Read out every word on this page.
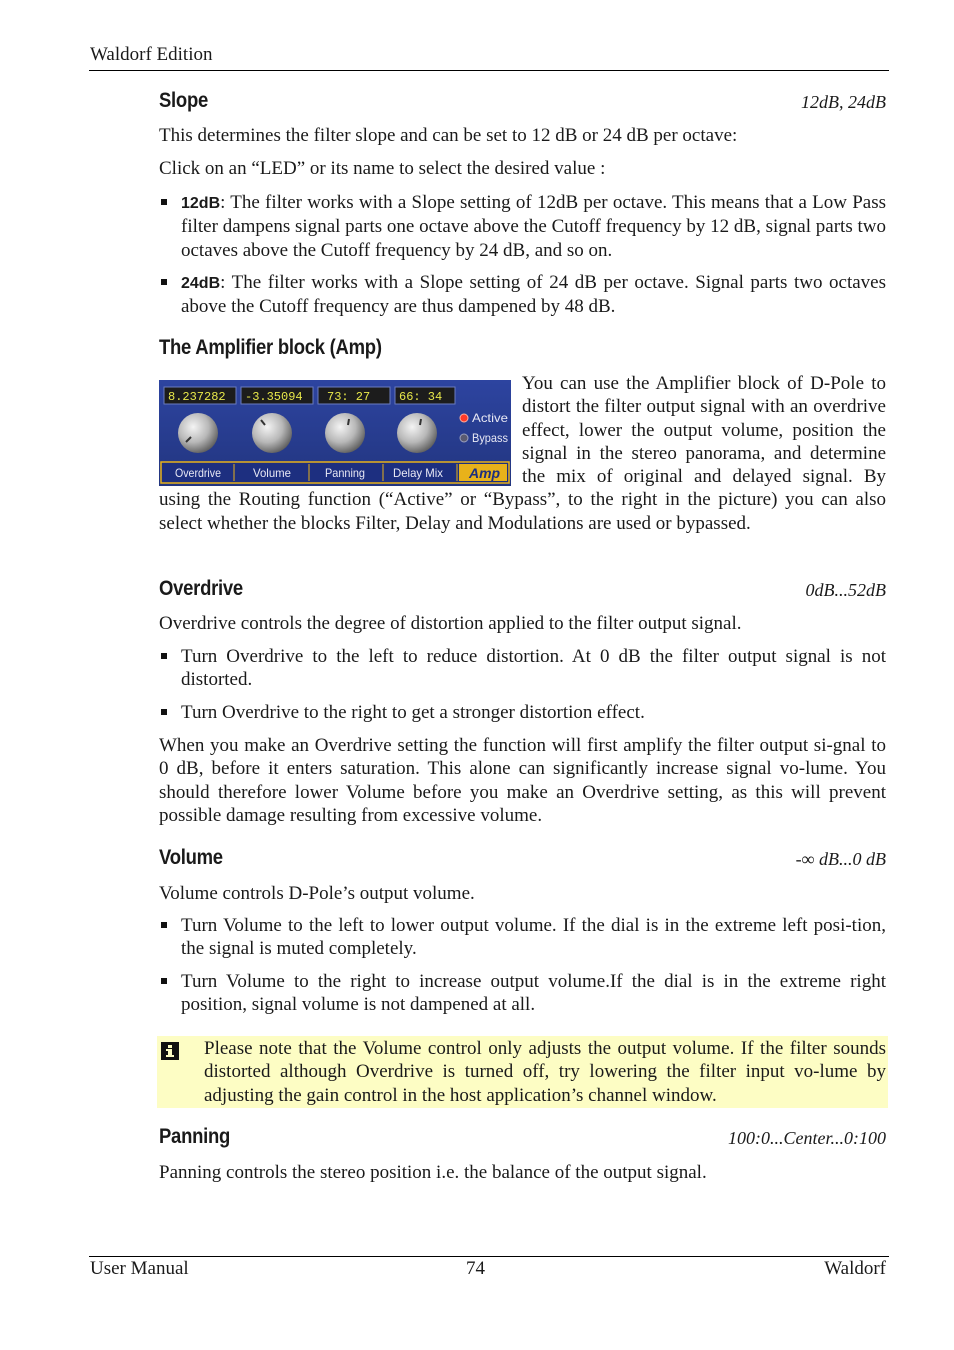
Waldorf Edition
Slope	12dB, 24dB
This determines the filter slope and can be set to 12 dB or 24 dB per octave:
Click on an “LED” or its name to select the desired value :
12dB: The filter works with a Slope setting of 12dB per octave. This means that a Low Pass filter dampens signal parts one octave above the Cutoff frequency by 12 dB, signal parts two octaves above the Cutoff frequency by 24 dB, and so on.
24dB: The filter works with a Slope setting of 24 dB per octave. Signal parts two octaves above the Cutoff frequency are thus dampened by 48 dB.
The Amplifier block (Amp)
8.237282 -3.35094 73: 27 66: 34
Active
Bypass
Overdrive	Volume	Panning Delay Mix Amp
You can use the Amplifier block of D-Pole to distort the filter output signal with an overdrive effect, lower the output volume, position the signal in the stereo panorama, and determine the mix of original and delayed signal. By using the Routing function (“Active” or “Bypass”, to the right in the picture) you can also select whether the blocks Filter, Delay and Modulations are used or bypassed.
Overdrive	0dB...52dB
Overdrive controls the degree of distortion applied to the filter output signal.
Turn Overdrive to the left to reduce distortion. At 0 dB the filter output signal is not distorted.
Turn Overdrive to the right to get a stronger distortion effect.
When you make an Overdrive setting the function will first amplify the filter output si-gnal to 0 dB, before it enters saturation. This alone can significantly increase signal vo-lume. You should therefore lower Volume before you make an Overdrive setting, as this will prevent possible damage resulting from excessive volume.
Volume	-∞ dB...0 dB
Volume controls D-Pole’s output volume.
Turn Volume to the left to lower output volume. If the dial is in the extreme left posi-tion, the signal is muted completely.
Turn Volume to the right to increase output volume.If the dial is in the extreme right position, signal volume is not dampened at all.
Please note that the Volume control only adjusts the output volume. If the filter sounds distorted although Overdrive is turned off, try lowering the filter input vo-lume by adjusting the gain control in the host application’s channel window.
Panning	100:0...Center...0:100
Panning controls the stereo position i.e. the balance of the output signal.
User Manual	74	Waldorf
